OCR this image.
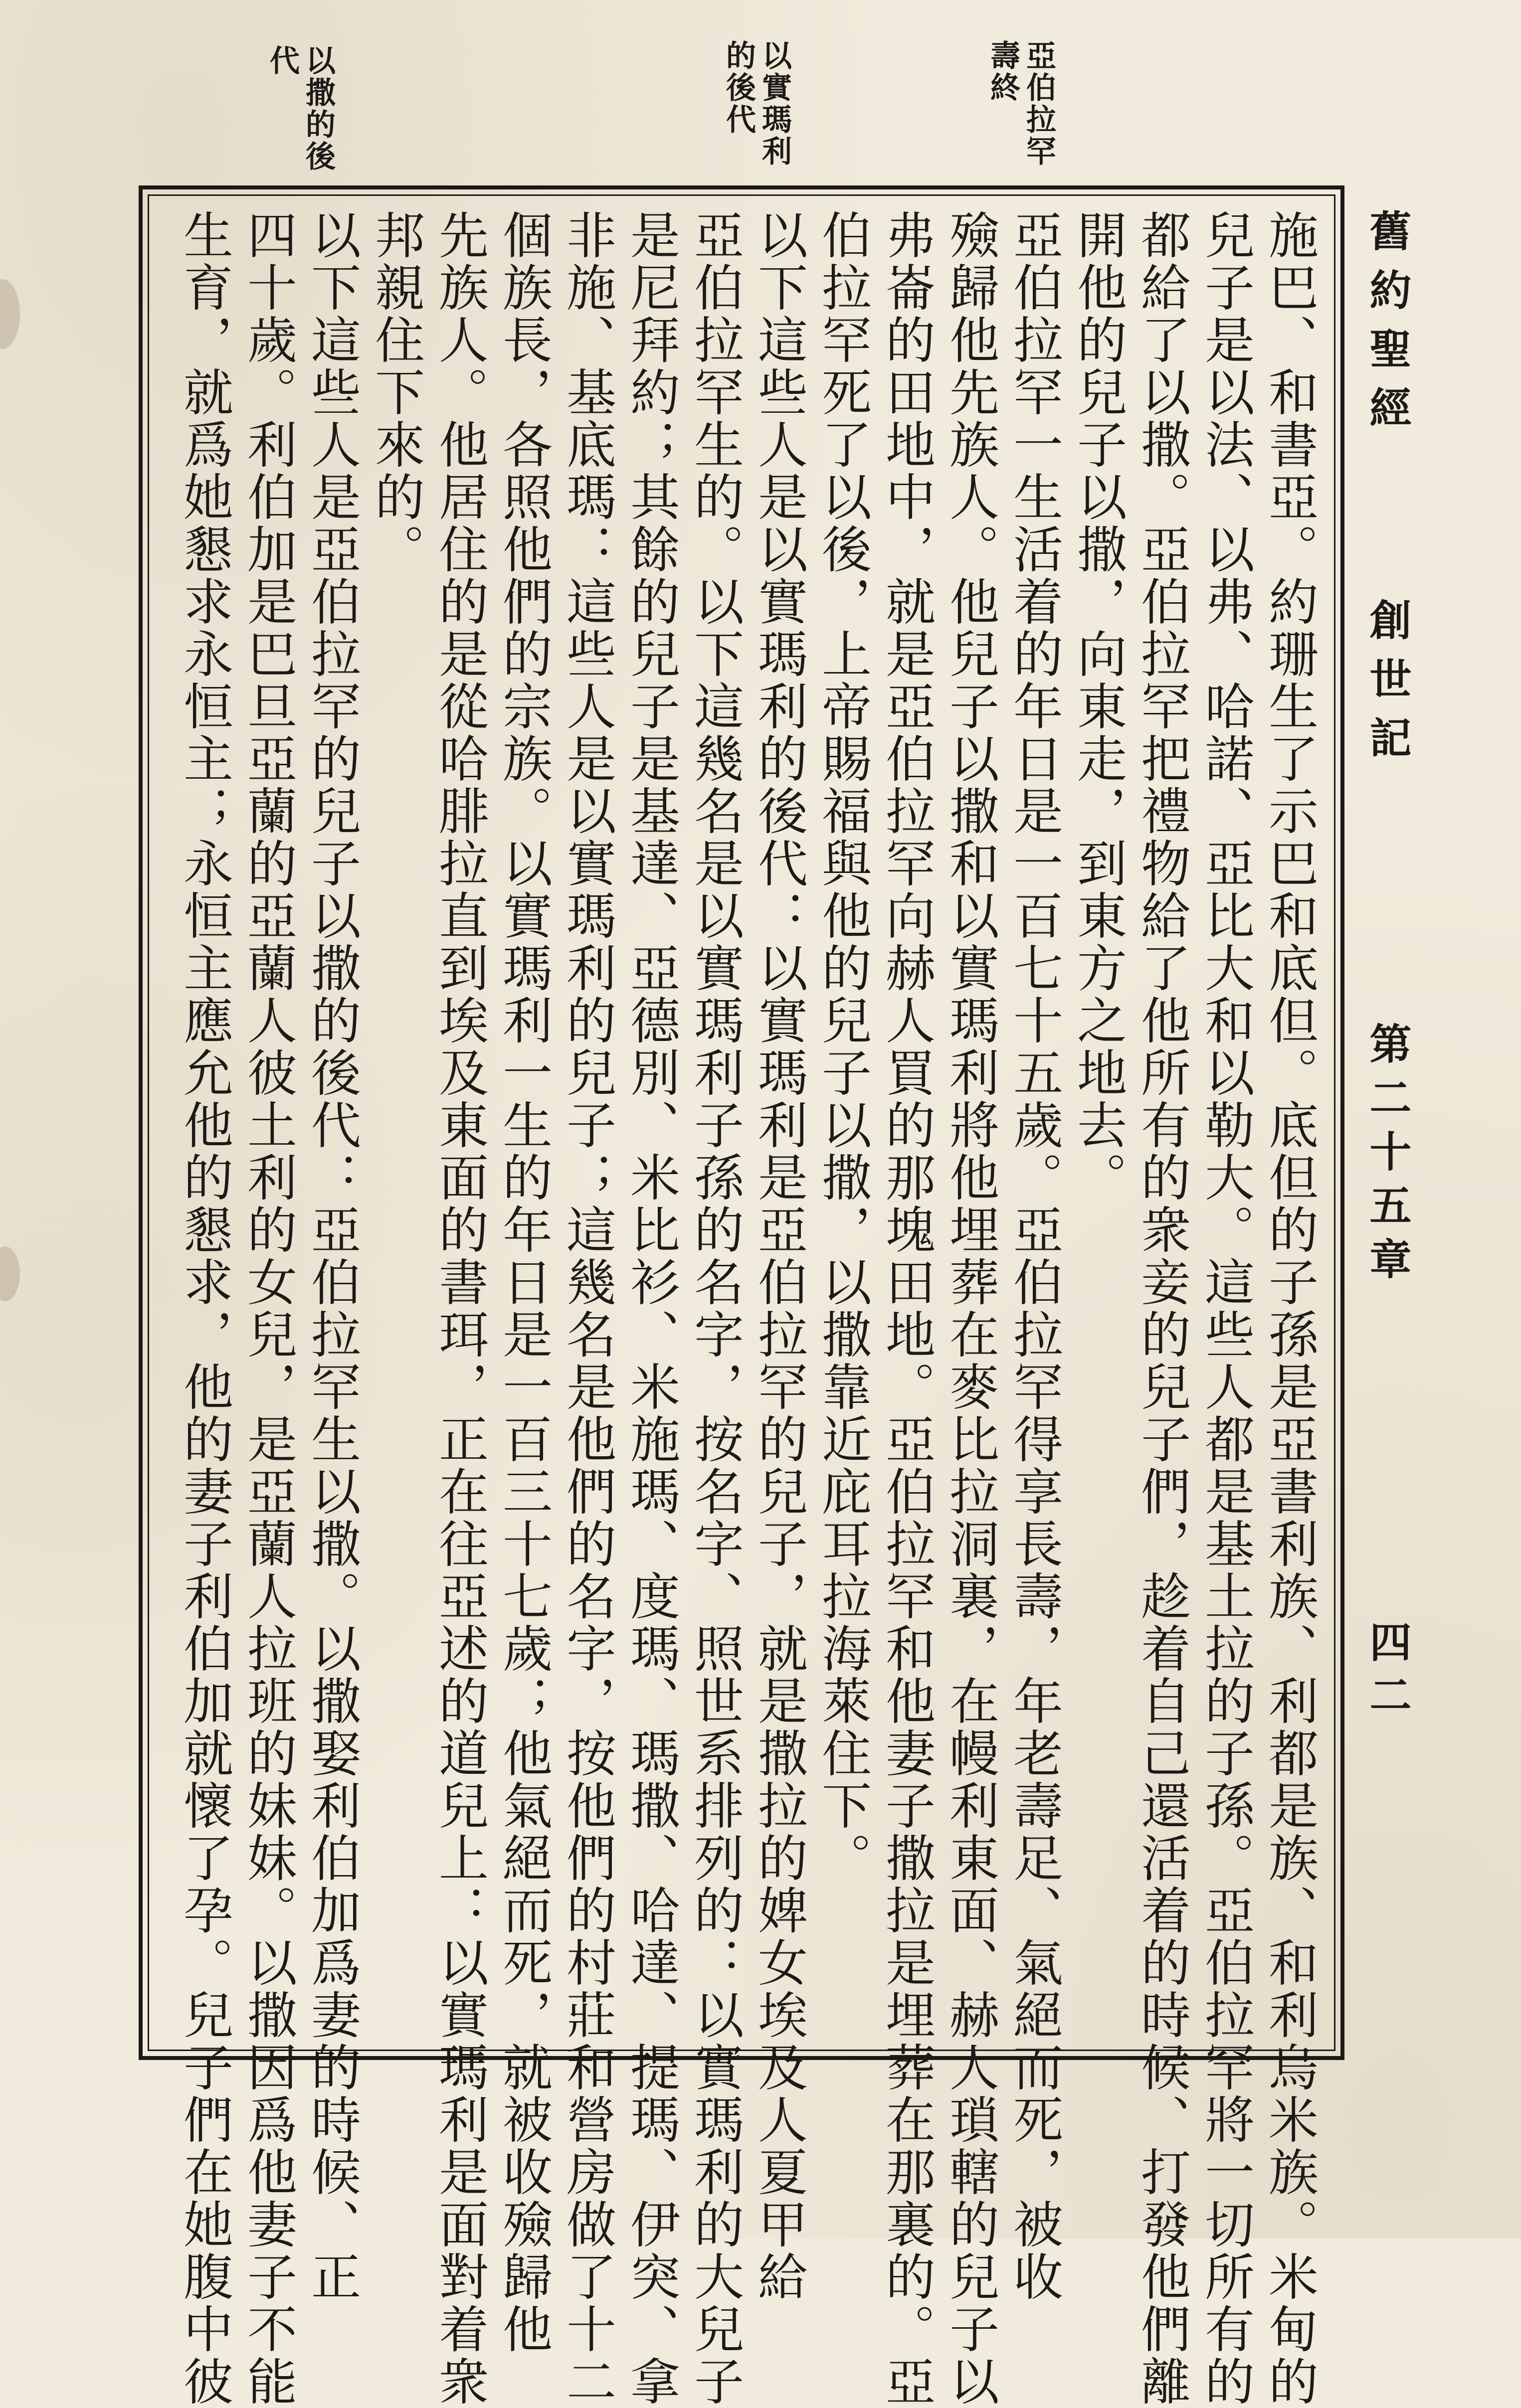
舊約聖經
創世記
第二十五章
四二
亞伯拉罕壽終
以實瑪利的後代
以撒的後代
施巴、和書亞。約珊生了示巴和底但。底但的子孫是亞書利族、利都是族、和利烏米族。米甸的
兒子是以法、以弗、哈諾、亞比大和以勒大。這些人都是基土拉的子孫。亞伯拉罕將一切所有的
都給了以撒。亞伯拉罕把禮物給了他所有的衆妾的兒子們，趁着自己還活着的時候、打發他們離
開他的兒子以撒，向東走，到東方之地去。
亞伯拉罕一生活着的年日是一百七十五歲。亞伯拉罕得享長壽，年老壽足、氣絕而死，被收
殮歸他先族人。他兒子以撒和以實瑪利將他埋葬在麥比拉洞裏，在幔利東面、赫人瑣轄的兒子以
弗崙的田地中，就是亞伯拉罕向赫人買的那塊田地。亞伯拉罕和他妻子撒拉是埋葬在那裏的。亞
伯拉罕死了以後，上帝賜福與他的兒子以撒，以撒靠近庇耳拉海萊住下。
以下這些人是以實瑪利的後代：以實瑪利是亞伯拉罕的兒子，就是撒拉的婢女埃及人夏甲給
亞伯拉罕生的。以下這幾名是以實瑪利子孫的名字，按名字、照世系排列的：以實瑪利的大兒子
是尼拜約；其餘的兒子是基達、亞德別、米比衫、米施瑪、度瑪、瑪撒、哈達、提瑪、伊突、拿
非施、基底瑪：這些人是以實瑪利的兒子；這幾名是他們的名字，按他們的村莊和營房做了十二
個族長，各照他們的宗族。以實瑪利一生的年日是一百三十七歲；他氣絕而死，就被收殮歸他
先族人。他居住的是從哈腓拉直到埃及東面的書珥，正在往亞述的道兒上：以實瑪利是面對着衆
邦親住下來的。
以下這些人是亞伯拉罕的兒子以撒的後代：亞伯拉罕生以撒。以撒娶利伯加爲妻的時候、正
四十歲。利伯加是巴旦亞蘭的亞蘭人彼土利的女兒，是亞蘭人拉班的妹妹。以撒因爲他妻子不能
生育，就爲她懇求永恒主；永恒主應允他的懇求，他的妻子利伯加就懷了孕。兒子們在她腹中彼
